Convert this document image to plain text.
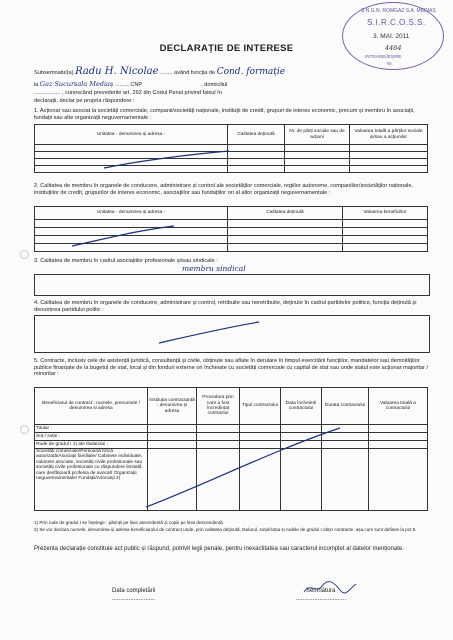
S.N.G.N. ROMGAZ S.A. MEDIAȘ
S.I.R.C.O.S.S.
3. MAI. 2011
4464
INTRARE/IEȘIRE
Nr.
DECLARAȚIE DE INTERESE
Subsemnatul(a) Radu H. Nicolae ........ având funcția de Cond. formație
la Gaz Sucursala Mediaș ........, CNP	, domiciliul
................. , cunoscând prevederile art. 292 din Codul Penal privind falsul în
declarații, declar pe propria răspundere :
1. Acționar sau asociat la societăți comerciale, companii/societăți naționale, instituții de credit, grupuri de interes economic, precum și membru în asociații, fundații sau alte organizații neguvernamentale :
Unitatea - denumirea și adresa -	Calitatea deținută	Nr. de părți sociale sau de acțiuni	Valoarea totală a părților sociale și/sau a acțiunilor

2. Calitatea de membru în organele de conducere, administrare și control ale societăților comerciale, regiilor autonome, companiilor/societăților naționale, instituțiilor de credit, grupurilor de interes economic, asociațiilor sau fundațiilor ori al altor organizații neguvernamentale :
Unitatea - denumirea și adresa -	Calitatea deținută	Valoarea beneficiilor

3. Calitatea de membru în cadrul asociațiilor profesionale și/sau sindicale :
membru sindical
4. Calitatea de membru în organele de conducere, administrare și control, retribuite sau neretribuite, deținute în cadrul partidelor politice, funcția deținută și denumirea partidului politic :
5. Contracte, inclusiv cele de asistență juridică, consultanță și civile, obținute sau aflate în derulare în timpul exercitării funcțiilor, mandatelor sau demnităților publice finanțate de la bugetul de stat, local și din fonduri externe ori încheiate cu societăți comerciale cu capital de stat sau unde statul este acționar majoritar / minoritar :
Beneficiarul de contract : numele, prenumele / denumirea și adresa	Instituția contractantă : denumirea și adresa	Procedura prin care a fost încredințat contractul	Tipul contractului	Data încheierii contractului	Durata contractului	Valoarea totală a contractului
Titular :						
Soț / soție :						
Rude de gradul I 1) ale titularului :						
Societăți comerciale/Persoană fizică autorizată/Asociații familiale/ Cabinete individuale, cabinete asociate, societăți civile profesionale sau societăți civile profesionale cu răspundere limitată care desfășoară profesia de avocat/ Organizații neguvernamentale/ Fundații/Asociații 2)						
1) Prin rude de gradul I se înțelege : părinții pe linie ascendentă și copiii pe linie descendentă.
2) Se vor declara numele, denumirea și adresa beneficiarului de contract unde, prin calitatea deținută, titularul, soțul/soția și rudele de gradul I obțin contracte, așa cum sunt definite la pct.5.
Prezenta declarație constituie act public și răspund, potrivit legii penale, pentru inexactitatea sau caracterul incomplet al datelor menționate.
Data completării
..........................
Semnătura
..............................
